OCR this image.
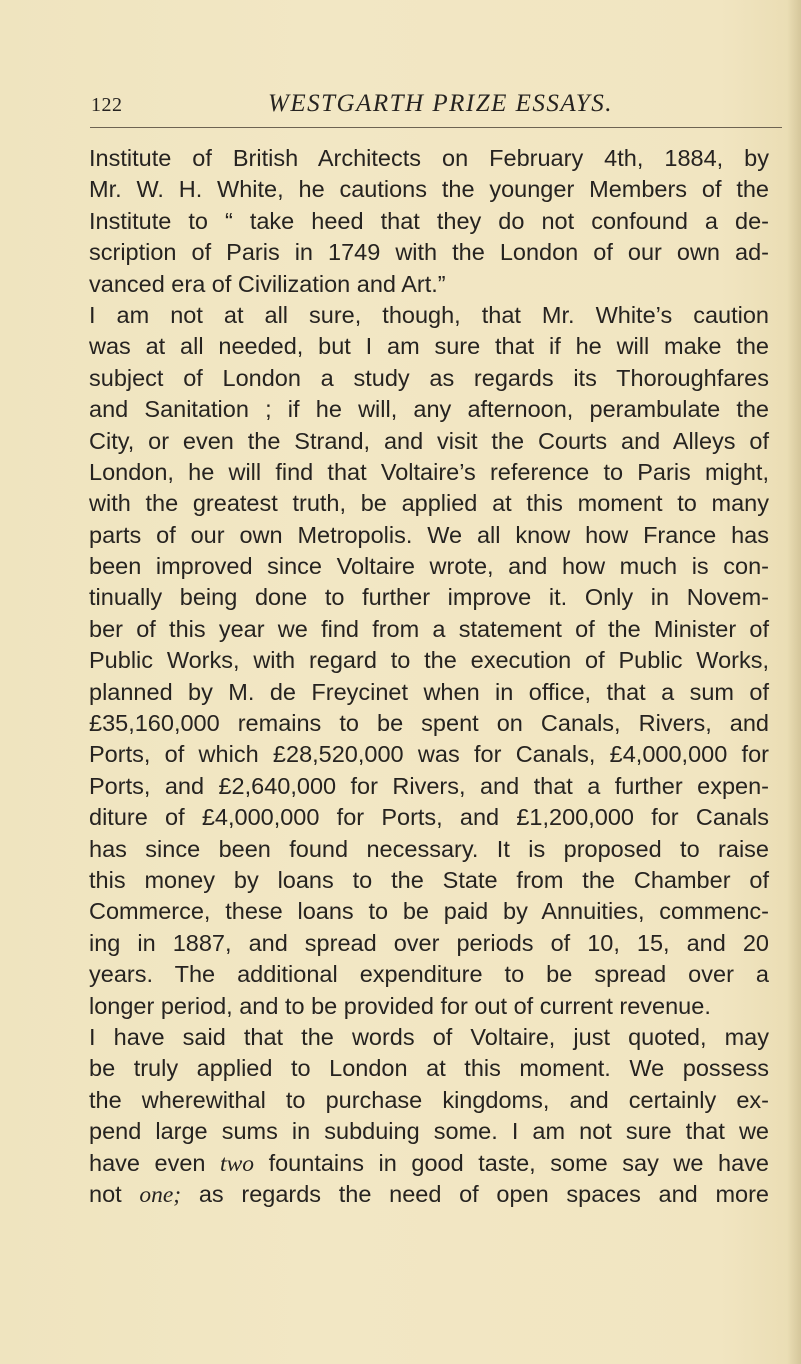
122	WESTGARTH PRIZE ESSAYS.
Institute of British Architects on February 4th, 1884, by
Mr. W. H. White, he cautions the younger Members of the
Institute to “ take heed that they do not confound a de-
scription of Paris in 1749 with the London of our own ad-
vanced era of Civilization and Art.”
I am not at all sure, though, that Mr. White’s caution
was at all needed, but I am sure that if he will make the
subject of London a study as regards its Thoroughfares
and Sanitation ; if he will, any afternoon, perambulate the
City, or even the Strand, and visit the Courts and Alleys of
London, he will find that Voltaire’s reference to Paris might,
with the greatest truth, be applied at this moment to many
parts of our own Metropolis. We all know how France has
been improved since Voltaire wrote, and how much is con-
tinually being done to further improve it. Only in Novem-
ber of this year we find from a statement of the Minister of
Public Works, with regard to the execution of Public Works,
planned by M. de Freycinet when in office, that a sum of
£35,160,000 remains to be spent on Canals, Rivers, and
Ports, of which £28,520,000 was for Canals, £4,000,000 for
Ports, and £2,640,000 for Rivers, and that a further expen-
diture of £4,000,000 for Ports, and £1,200,000 for Canals
has since been found necessary. It is proposed to raise
this money by loans to the State from the Chamber of
Commerce, these loans to be paid by Annuities, commenc-
ing in 1887, and spread over periods of 10, 15, and 20
years. The additional expenditure to be spread over a
longer period, and to be provided for out of current revenue.
I have said that the words of Voltaire, just quoted, may
be truly applied to London at this moment. We possess
the wherewithal to purchase kingdoms, and certainly ex-
pend large sums in subduing some. I am not sure that we
have even two fountains in good taste, some say we have
not one; as regards the need of open spaces and more
